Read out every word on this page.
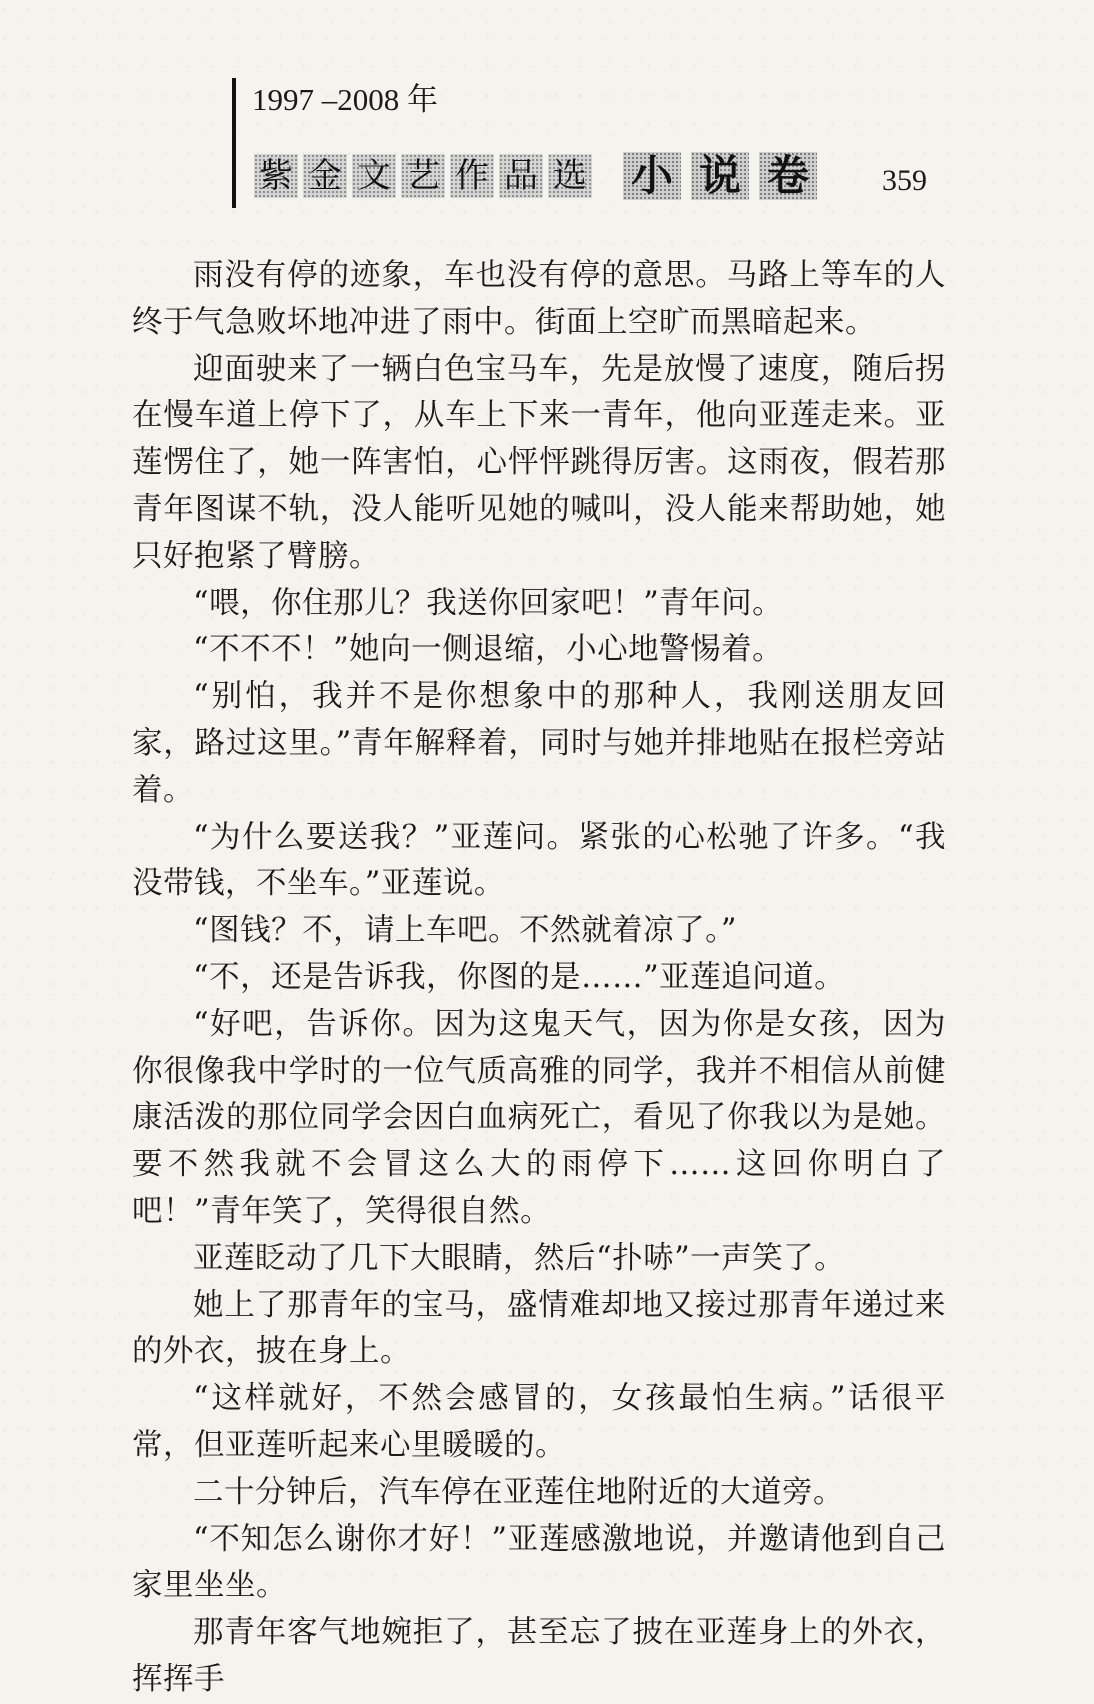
1997 –2008 年
紫 金 文 艺 作 品 选 小 说 卷 359

雨没有停的迹象，车也没有停的意思。马路上等车的人终于气急败坏地冲进了雨中。街面上空旷而黑暗起来。

迎面驶来了一辆白色宝马车，先是放慢了速度，随后拐在慢车道上停下了，从车上下来一青年，他向亚莲走来。亚莲愣住了，她一阵害怕，心怦怦跳得厉害。这雨夜，假若那青年图谋不轨，没人能听见她的喊叫，没人能来帮助她，她只好抱紧了臂膀。

“喂，你住那儿？我送你回家吧！”青年问。

“不不不！”她向一侧退缩，小心地警惕着。

“别怕，我并不是你想象中的那种人，我刚送朋友回家，路过这里。”青年解释着，同时与她并排地贴在报栏旁站着。

“为什么要送我？”亚莲问。紧张的心松驰了许多。“我没带钱，不坐车。”亚莲说。

“图钱？不，请上车吧。不然就着凉了。”

“不，还是告诉我，你图的是……”亚莲追问道。

“好吧，告诉你。因为这鬼天气，因为你是女孩，因为你很像我中学时的一位气质高雅的同学，我并不相信从前健康活泼的那位同学会因白血病死亡，看见了你我以为是她。要不然我就不会冒这么大的雨停下……这回你明白了吧！”青年笑了，笑得很自然。

亚莲眨动了几下大眼睛，然后“扑哧”一声笑了。

她上了那青年的宝马，盛情难却地又接过那青年递过来的外衣，披在身上。

“这样就好，不然会感冒的，女孩最怕生病。”话很平常，但亚莲听起来心里暖暖的。

二十分钟后，汽车停在亚莲住地附近的大道旁。

“不知怎么谢你才好！”亚莲感激地说，并邀请他到自己家里坐坐。

那青年客气地婉拒了，甚至忘了披在亚莲身上的外衣，挥挥手
